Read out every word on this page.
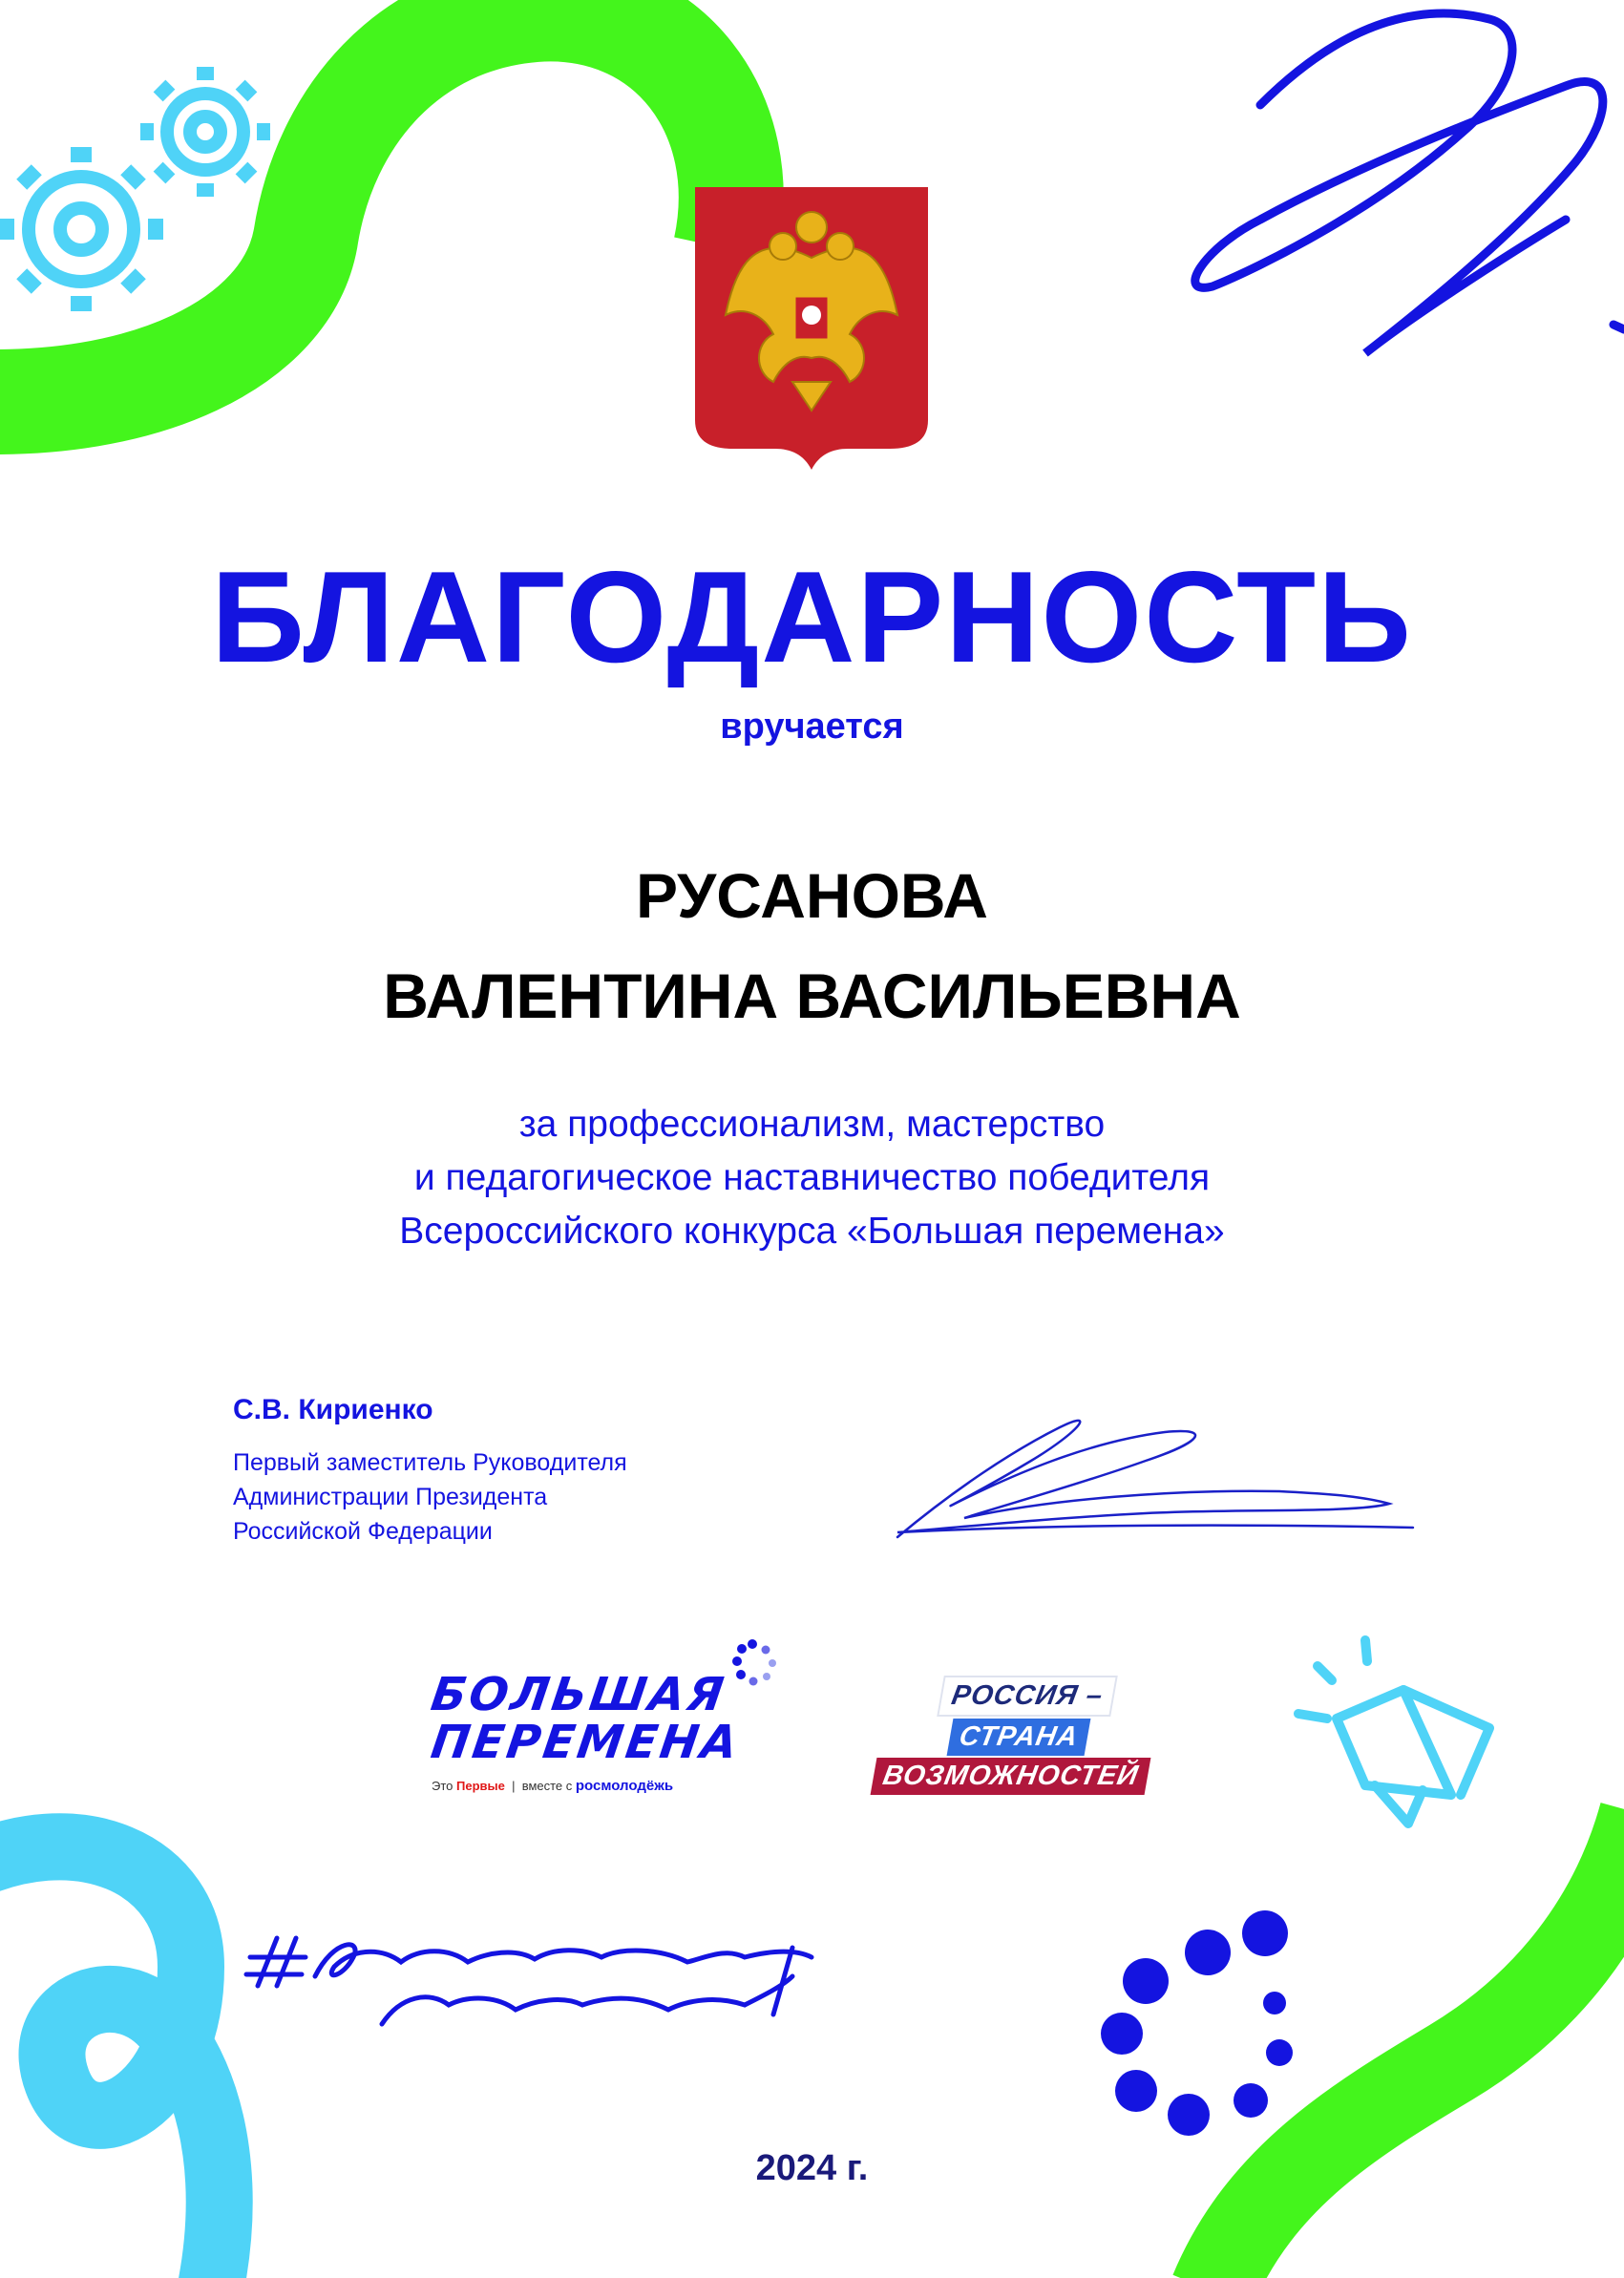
БЛАГОДАРНОСТЬ
вручается
РУСАНОВА
ВАЛЕНТИНА ВАСИЛЬЕВНА
за профессионализм, мастерство
и педагогическое наставничество победителя
Всероссийского конкурса «Большая перемена»
С.В. Кириенко
Первый заместитель Руководителя
Администрации Президента
Российской Федерации
БОЛЬШАЯ
ПЕРЕМЕНА
Это Первые  |  вместе с росмолодёжь
РОССИЯ –
СТРАНА
ВОЗМОЖНОСТЕЙ
2024 г.
